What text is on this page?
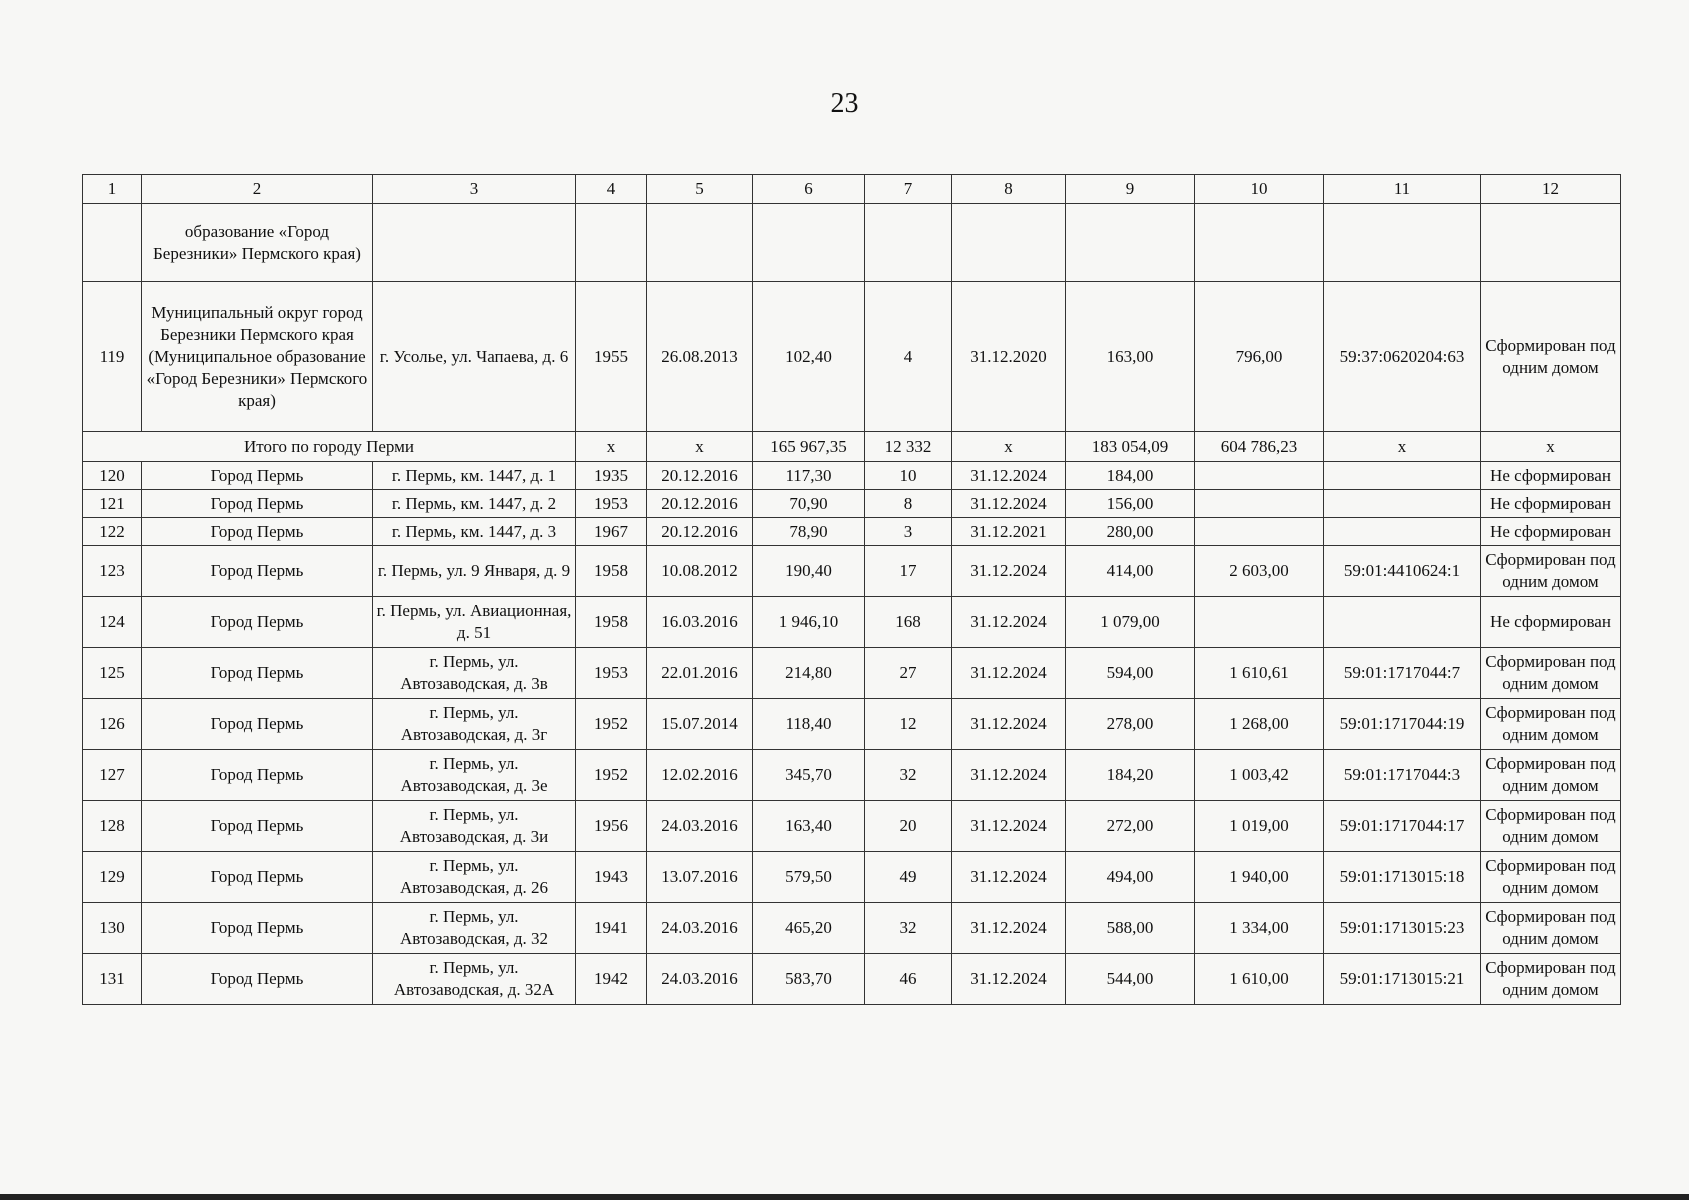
23
1	2	3	4	5	6	7	8	9	10	11	12
	образование «Город Березники» Пермского края)										
119	Муниципальный округ город Березники Пермского края (Муниципальное образование «Город Березники» Пермского края)	г. Усолье, ул. Чапаева, д. 6	1955	26.08.2013	102,40	4	31.12.2020	163,00	796,00	59:37:0620204:63	Сформирован под одним домом
Итого по городу Перми			х	х	165 967,35	12 332	х	183 054,09	604 786,23	х	х
120	Город Пермь	г. Пермь, км. 1447, д. 1	1935	20.12.2016	117,30	10	31.12.2024	184,00			Не сформирован
121	Город Пермь	г. Пермь, км. 1447, д. 2	1953	20.12.2016	70,90	8	31.12.2024	156,00			Не сформирован
122	Город Пермь	г. Пермь, км. 1447, д. 3	1967	20.12.2016	78,90	3	31.12.2021	280,00			Не сформирован
123	Город Пермь	г. Пермь, ул. 9 Января, д. 9	1958	10.08.2012	190,40	17	31.12.2024	414,00	2 603,00	59:01:4410624:1	Сформирован под одним домом
124	Город Пермь	г. Пермь, ул. Авиационная, д. 51	1958	16.03.2016	1 946,10	168	31.12.2024	1 079,00			Не сформирован
125	Город Пермь	г. Пермь, ул. Автозаводская, д. 3в	1953	22.01.2016	214,80	27	31.12.2024	594,00	1 610,61	59:01:1717044:7	Сформирован под одним домом
126	Город Пермь	г. Пермь, ул. Автозаводская, д. 3г	1952	15.07.2014	118,40	12	31.12.2024	278,00	1 268,00	59:01:1717044:19	Сформирован под одним домом
127	Город Пермь	г. Пермь, ул. Автозаводская, д. 3е	1952	12.02.2016	345,70	32	31.12.2024	184,20	1 003,42	59:01:1717044:3	Сформирован под одним домом
128	Город Пермь	г. Пермь, ул. Автозаводская, д. 3и	1956	24.03.2016	163,40	20	31.12.2024	272,00	1 019,00	59:01:1717044:17	Сформирован под одним домом
129	Город Пермь	г. Пермь, ул. Автозаводская, д. 26	1943	13.07.2016	579,50	49	31.12.2024	494,00	1 940,00	59:01:1713015:18	Сформирован под одним домом
130	Город Пермь	г. Пермь, ул. Автозаводская, д. 32	1941	24.03.2016	465,20	32	31.12.2024	588,00	1 334,00	59:01:1713015:23	Сформирован под одним домом
131	Город Пермь	г. Пермь, ул. Автозаводская, д. 32А	1942	24.03.2016	583,70	46	31.12.2024	544,00	1 610,00	59:01:1713015:21	Сформирован под одним домом
